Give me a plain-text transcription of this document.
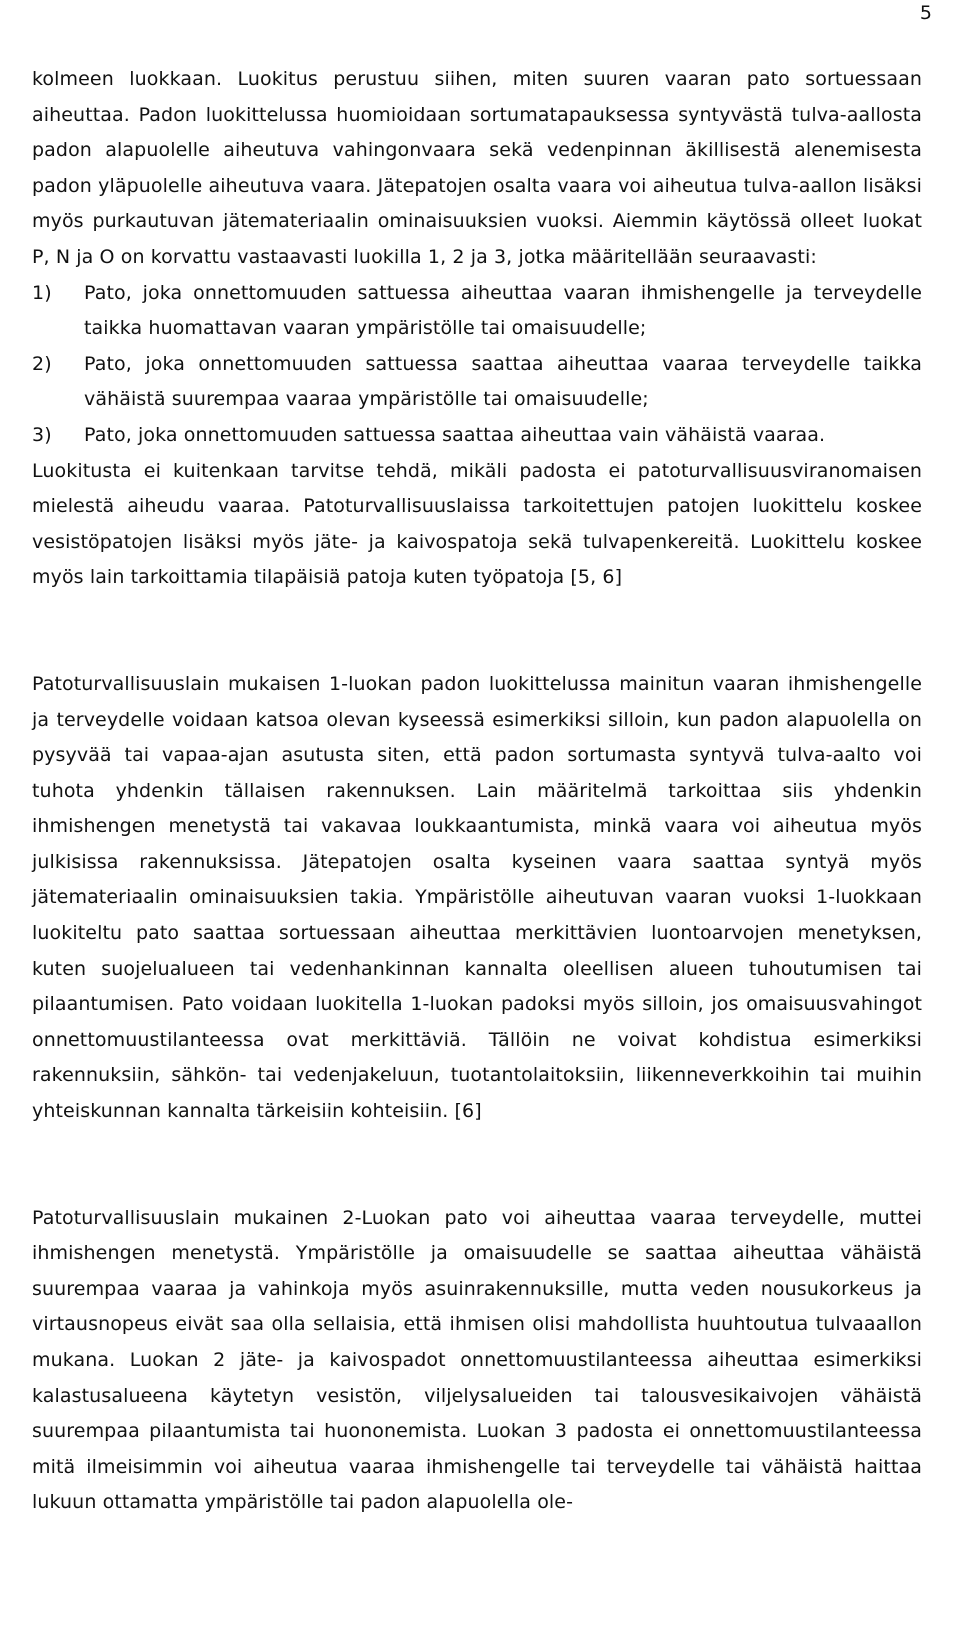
5

kolmeen luokkaan. Luokitus perustuu siihen, miten suuren vaaran pato sortuessaan aiheuttaa. Padon luokittelussa huomioidaan sortumatapauksessa syntyvästä tulva-aallosta padon alapuolelle aiheutuva vahingonvaara sekä vedenpinnan äkillisestä alenemisesta padon yläpuolelle aiheutuva vaara. Jätepatojen osalta vaara voi aiheutua tulva-aallon lisäksi myös purkautuvan jätemateriaalin ominaisuuksien vuoksi. Aiemmin käytössä olleet luokat P, N ja O on korvattu vastaavasti luokilla 1, 2 ja 3, jotka määritellään seuraavasti:

1) Pato, joka onnettomuuden sattuessa aiheuttaa vaaran ihmishengelle ja terveydelle taikka huomattavan vaaran ympäristölle tai omaisuudelle;
2) Pato, joka onnettomuuden sattuessa saattaa aiheuttaa vaaraa terveydelle taikka vähäistä suurempaa vaaraa ympäristölle tai omaisuudelle;
3) Pato, joka onnettomuuden sattuessa saattaa aiheuttaa vain vähäistä vaaraa.

Luokitusta ei kuitenkaan tarvitse tehdä, mikäli padosta ei patoturvallisuusviranomaisen mielestä aiheudu vaaraa. Patoturvallisuuslaissa tarkoitettujen patojen luokittelu koskee vesistöpatojen lisäksi myös jäte- ja kaivospatoja sekä tulvapenkereitä. Luokittelu koskee myös lain tarkoittamia tilapäisiä patoja kuten työpatoja [5, 6]

Patoturvallisuuslain mukaisen 1-luokan padon luokittelussa mainitun vaaran ihmishengelle ja terveydelle voidaan katsoa olevan kyseessä esimerkiksi silloin, kun padon alapuolella on pysyvää tai vapaa-ajan asutusta siten, että padon sortumasta syntyvä tulva-aalto voi tuhota yhdenkin tällaisen rakennuksen. Lain määritelmä tarkoittaa siis yhdenkin ihmishengen menetystä tai vakavaa loukkaantumista, minkä vaara voi aiheutua myös julkisissa rakennuksissa. Jätepatojen osalta kyseinen vaara saattaa syntyä myös jätemateriaalin ominaisuuksien takia. Ympäristölle aiheutuvan vaaran vuoksi 1-luokkaan luokiteltu pato saattaa sortuessaan aiheuttaa merkittävien luontoarvojen menetyksen, kuten suojelualueen tai vedenhankinnan kannalta oleellisen alueen tuhoutumisen tai pilaantumisen. Pato voidaan luokitella 1-luokan padoksi myös silloin, jos omaisuusvahingot onnettomuustilanteessa ovat merkittäviä. Tällöin ne voivat kohdistua esimerkiksi rakennuksiin, sähkön- tai vedenjakeluun, tuotantolaitoksiin, liikenneverkkoihin tai muihin yhteiskunnan kannalta tärkeisiin kohteisiin. [6]

Patoturvallisuuslain mukainen 2-Luokan pato voi aiheuttaa vaaraa terveydelle, muttei ihmishengen menetystä. Ympäristölle ja omaisuudelle se saattaa aiheuttaa vähäistä suurempaa vaaraa ja vahinkoja myös asuinrakennuksille, mutta veden nousukorkeus ja virtausnopeus eivät saa olla sellaisia, että ihmisen olisi mahdollista huuhtoutua tulvaaallon mukana. Luokan 2 jäte- ja kaivospadot onnettomuustilanteessa aiheuttaa esimerkiksi kalastusalueena käytetyn vesistön, viljelysalueiden tai talousvesikaivojen vähäistä suurempaa pilaantumista tai huononemista. Luokan 3 padosta ei onnettomuustilanteessa mitä ilmeisimmin voi aiheutua vaaraa ihmishengelle tai terveydelle tai vähäistä haittaa lukuun ottamatta ympäristölle tai padon alapuolella ole-
